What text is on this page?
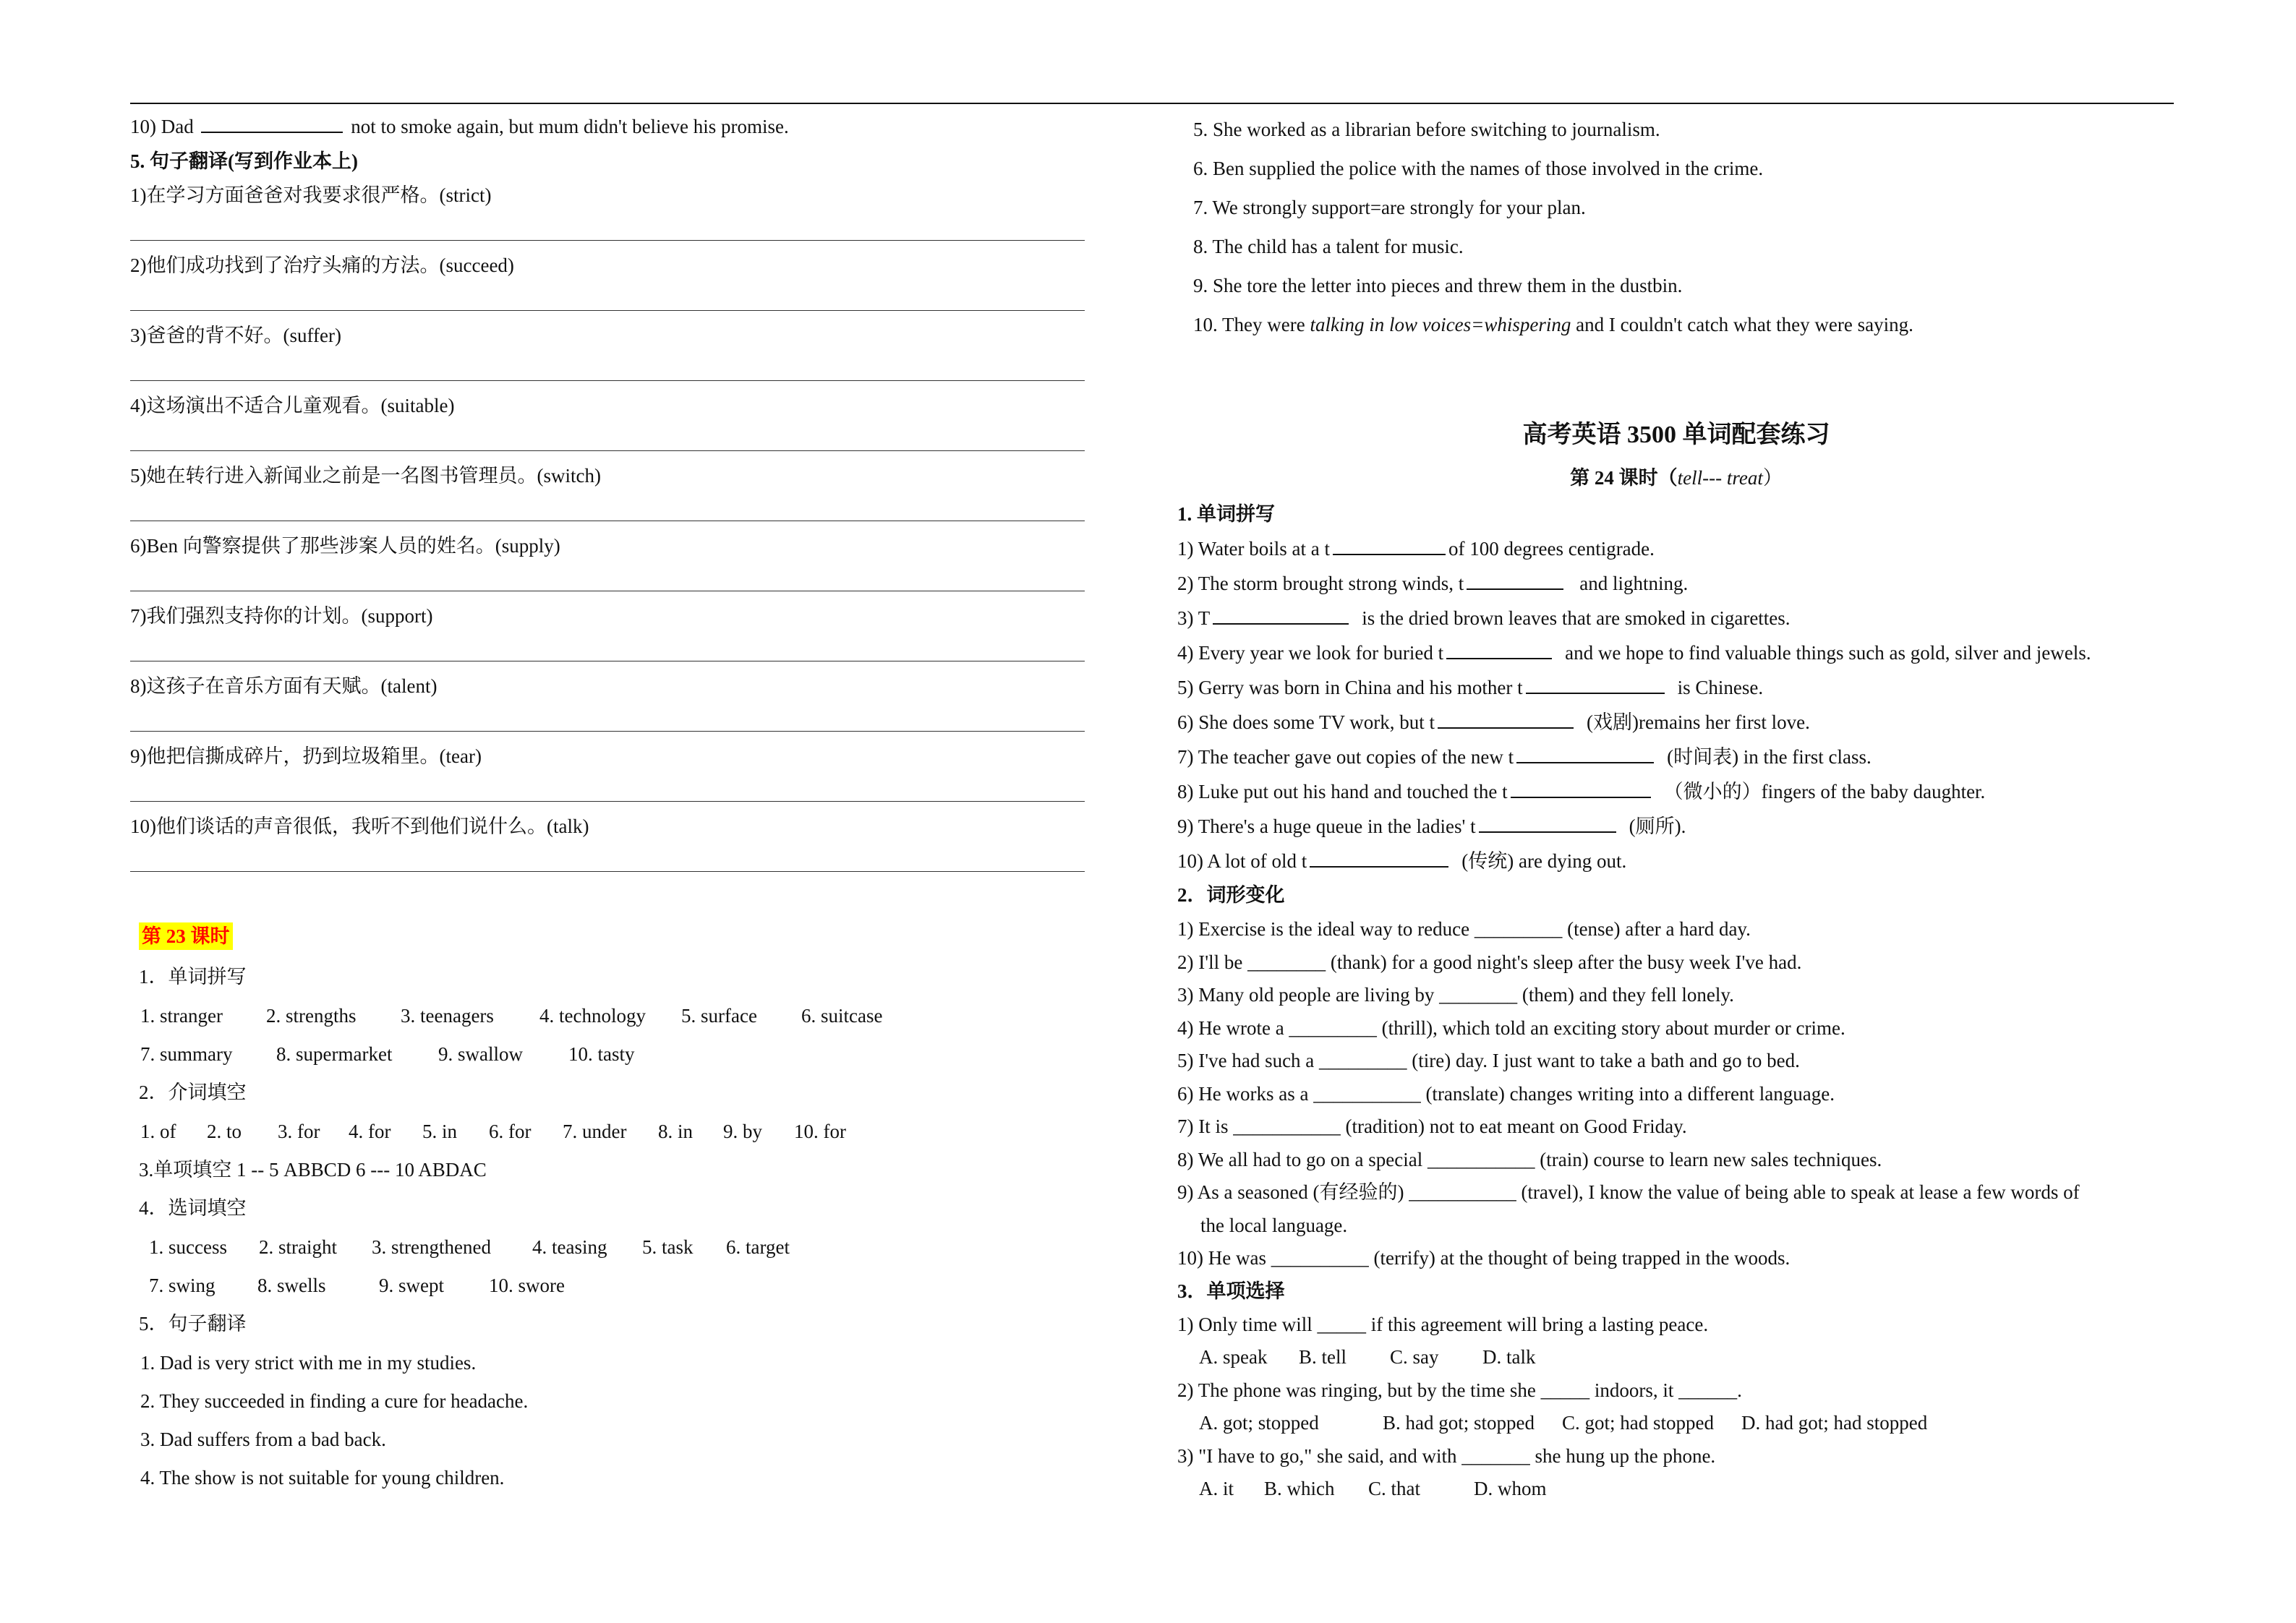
10) Dad	not to smoke again, but mum didn't believe his promise.
5. 句子翻译(写到作业本上)
1)在学习方面爸爸对我要求很严格。(strict)
2)他们成功找到了治疗头痛的方法。(succeed)
3)爸爸的背不好。(suffer)
4)这场演出不适合儿童观看。(suitable)
5)她在转行进入新闻业之前是一名图书管理员。(switch)
6)Ben 向警察提供了那些涉案人员的姓名。(supply)
7)我们强烈支持你的计划。(support)
8)这孩子在音乐方面有天赋。(talent)
9)他把信撕成碎片，扔到垃圾箱里。(tear)
10)他们谈话的声音很低，我听不到他们说什么。(talk)
第 23 课时
1．单词拼写
1. stranger 2. strengths 3. teenagers 4. technology 5. surface 6. suitcase
7. summary 8. supermarket 9. swallow 10. tasty
2．介词填空
1. of 2. to 3. for 4. for 5. in 6. for 7. under 8. in 9. by 10. for
3.单项填空 1 -- 5 ABBCD 6 --- 10 ABDAC
4．选词填空
1. success 2. straight 3. strengthened 4. teasing 5. task 6. target
7. swing 8. swells	9. swept 10. swore
5．句子翻译
1. Dad is very strict with me in my studies.
2. They succeeded in finding a cure for headache.
3. Dad suffers from a bad back.
4. The show is not suitable for young children.
5. She worked as a librarian before switching to journalism.
6. Ben supplied the police with the names of those involved in the crime.
7. We strongly support=are strongly for your plan.
8. The child has a talent for music.
9. She tore the letter into pieces and threw them in the dustbin.
10. They were talking in low voices=whispering and I couldn't catch what they were saying.
高考英语 3500 单词配套练习
第 24 课时（tell--- treat）
1. 单词拼写
1) Water boils at a t	of 100 degrees centigrade.
2) The storm brought strong winds, t	and lightning.
3) T	is the dried brown leaves that are smoked in cigarettes.
4) Every year we look for buried t	and we hope to find valuable things such as gold, silver and jewels.
5) Gerry was born in China and his mother t	is Chinese.
6) She does some TV work, but t	(戏剧)remains her first love.
7) The teacher gave out copies of the new t	(时间表) in the first class.
8) Luke put out his hand and touched the t	（微小的）fingers of the baby daughter.
9) There's a huge queue in the ladies' t	(厕所).
10) A lot of old t	(传统) are dying out.
2．词形变化
1) Exercise is the ideal way to reduce _________ (tense) after a hard day.
2) I'll be ________ (thank) for a good night's sleep after the busy week I've had.
3) Many old people are living by ________ (them) and they fell lonely.
4) He wrote a _________ (thrill), which told an exciting story about murder or crime.
5) I've had such a _________ (tire) day. I just want to take a bath and go to bed.
6) He works as a ___________ (translate) changes writing into a different language.
7) It is ___________ (tradition) not to eat meant on Good Friday.
8) We all had to go on a special ___________ (train) course to learn new sales techniques.
9) As a seasoned (有经验的) ___________ (travel), I know the value of being able to speak at lease a few words of
the local language.
10) He was __________ (terrify) at the thought of being trapped in the woods.
3．单项选择
1) Only time will _____ if this agreement will bring a lasting peace.
A. speak B. tell C. say D. talk
2) The phone was ringing, but by the time she _____ indoors, it ______.
A. got; stopped	B. had got; stopped C. got; had stopped D. had got; had stopped
3) "I have to go," she said, and with _______ she hung up the phone.
A. it B. which C. that	D. whom
